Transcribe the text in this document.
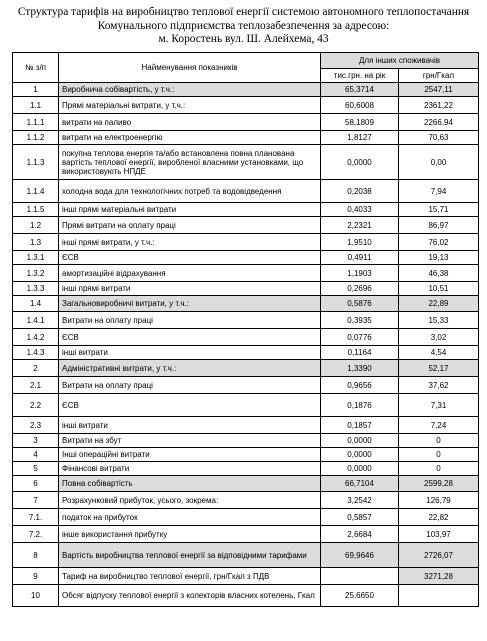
Структура тарифів на виробництво теплової енергії системою автономного теплопостачання
Комунального підприємства теплозабезпечення за адресою:
м. Коростень вул. Ш. Алейхема, 43
№ з/п	Найменування показників	Для інших споживачів	
		тис.грн. на рік	грн/Гкал
1	Виробнича собівартість, у т.ч.:	65,3714	2547,11
1.1	Прямі матеріальні витрати, у т.ч.:	60,6008	2361,22
1.1.1	витрати на паливо	58,1809	2266,94
1.1.2	витрати на електроенергію	1,8127	70,63
1.1.3	покупна теплова енергія та/або встановлена повна планована вартість теплової енергії, виробленої власними установками, що використовують НПДЕ	0,0000	0,00
1.1.4	холодна вода для технологічних потреб та водовідведення	0,2038	7,94
1.1.5	інші прямі матеріальні витрати	0,4033	15,71
1.2	Прямі витрати на оплату праці	2,2321	86,97
1.3	інші прямі витрати, у т.ч.:	1,9510	76,02
1.3.1	ЄСВ	0,4911	19,13
1.3.2	амортизаційні відрахування	1,1903	46,38
1.3.3	інші прямі витрати	0,2696	10,51
1.4	Загальновиробничі витрати, у т.ч.:	0,5876	22,89
1.4.1	Витрати на оплату праці	0,3935	15,33
1.4.2	ЄСВ	0,0776	3,02
1.4.3	інші витрати	0,1164	4,54
2	Адміністративні витрати, у т.ч.:	1,3390	52,17
2.1	Витрати на оплату праці	0,9656	37,62
2.2	ЄСВ	0,1876	7,31
2.3	інші витрати	0,1857	7,24
3	Витрати на збут	0,0000	0
4	Інші операційні витрати	0,0000	0
5	Фінансові витрати	0,0000	0
6	Повна собівартість	66,7104	2599,28
7	Розрахунковий прибуток, усього, зокрема:	3,2542	126,79
7.1.	податок на прибуток	0,5857	22,82
7.2.	інше використання прибутку	2,6684	103,97
8	Вартість виробництва теплової енергії за відповідними тарифами	69,9646	2726,07
9	Тариф на виробництво теплової енергії, грн/Гкал з ПДВ		3271,28
10	Обсяг відпуску теплової енергії з колекторів власних котелень, Гкал	25,6650	
